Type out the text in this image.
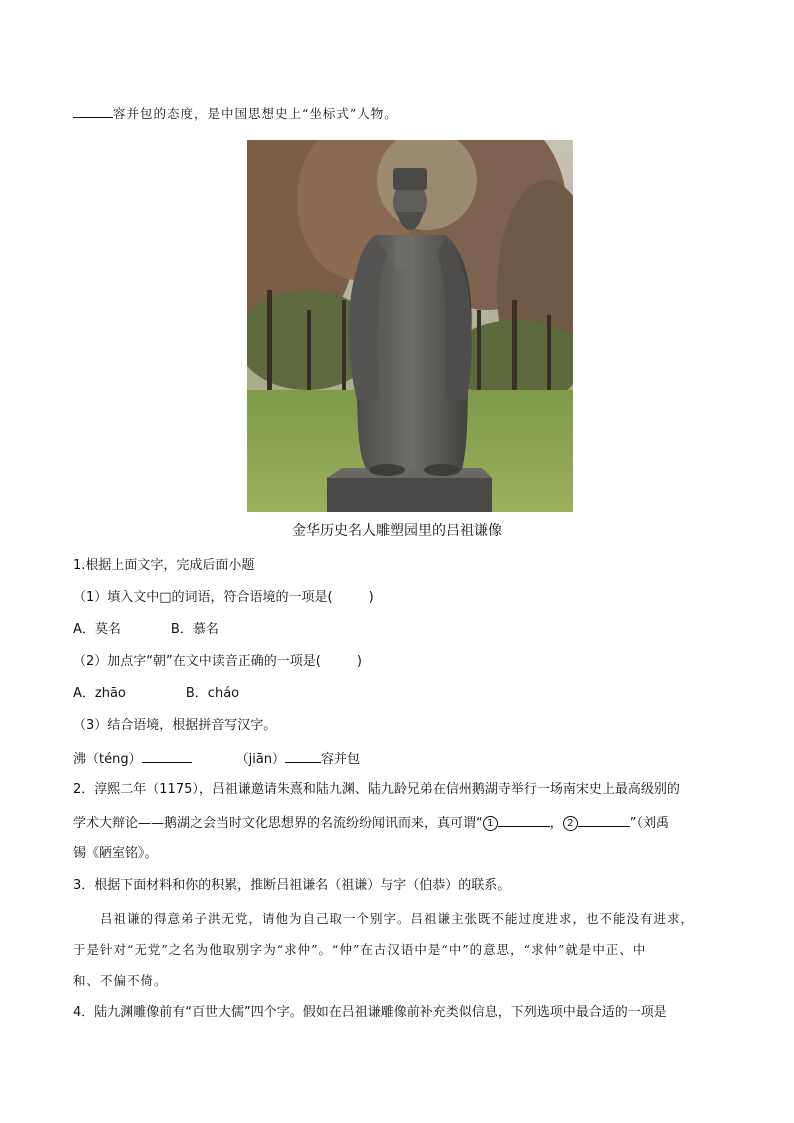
容并包的态度，是中国思想史上“坐标式”人物。
金华历史名人雕塑园里的吕祖谦像
1.根据上面文字，完成后面小题
（1）填入文中□的词语，符合语境的一项是(	)
A．莫名	B．慕名
（2）加点字“朝”在文中读音正确的一项是(	)
A．zhāo	B．cháo
（3）结合语境，根据拼音写汉字。
沸（téng）	（jiān）	容并包
2．淳熙二年（1175），吕祖谦邀请朱熹和陆九渊、陆九龄兄弟在信州鹅湖寺举行一场南宋史上最高级别的
学术大辩论——鹅湖之会当时文化思想界的名流纷纷闻讯而来，真可谓“ 1	， 2	”（刘禹
锡《陋室铭》。
3．根据下面材料和你的积累，推断吕祖谦名（祖谦）与字（伯恭）的联系。
吕祖谦的得意弟子洪无党，请他为自己取一个别字。吕祖谦主张既不能过度进求，也不能没有进求，
于是针对“无党”之名为他取别字为“求仲”。“仲”在古汉语中是“中”的意思，“求仲”就是中正、中
和、不偏不倚。
4．陆九渊雕像前有“百世大儒”四个字。假如在吕祖谦雕像前补充类似信息，下列选项中最合适的一项是
